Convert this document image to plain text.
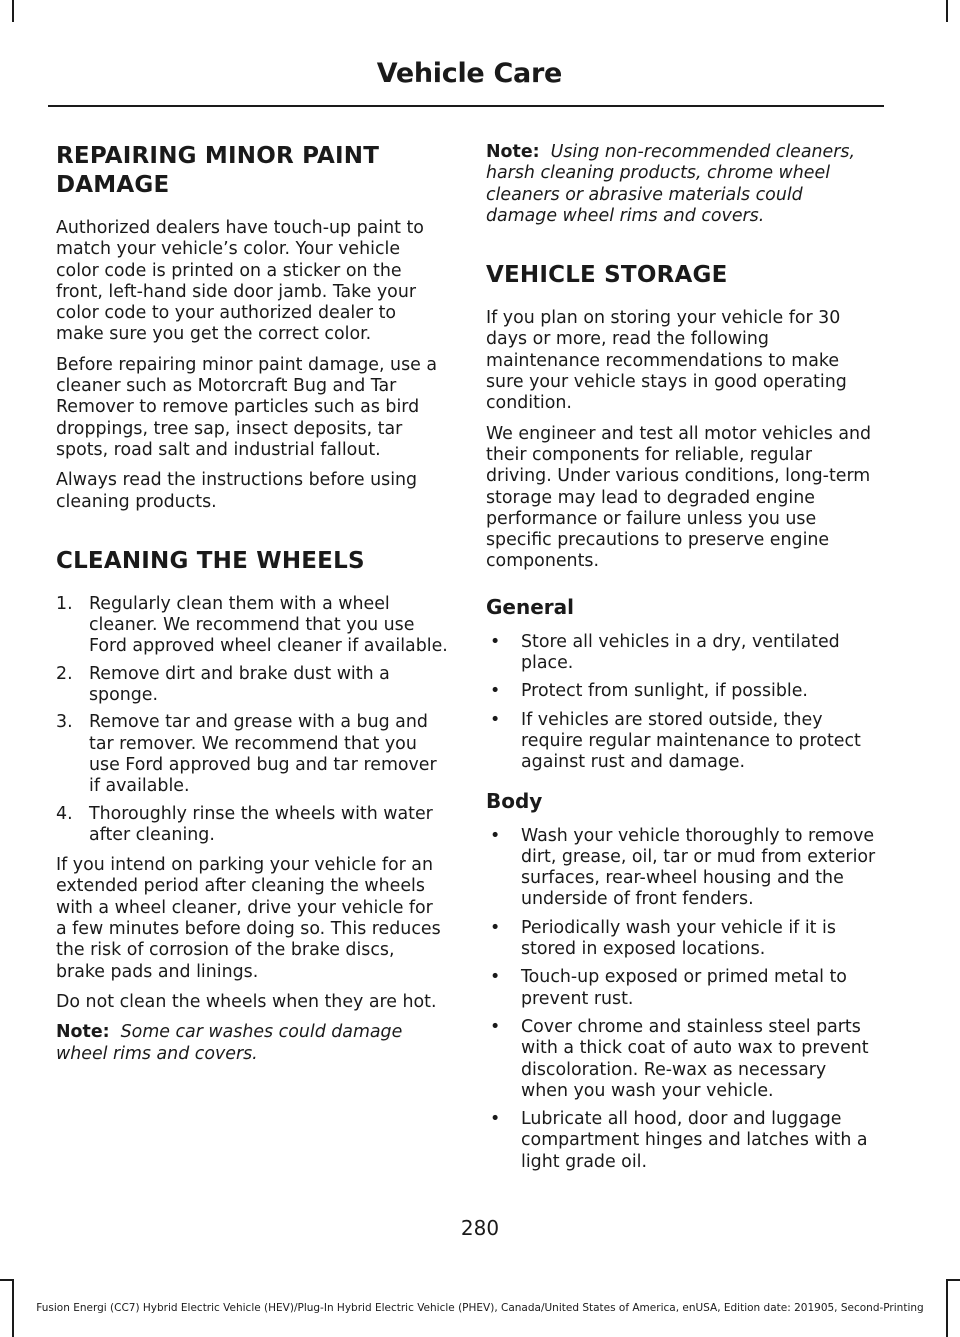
Vehicle Care
REPAIRING MINOR PAINT DAMAGE

Authorized dealers have touch-up paint to match your vehicle’s color. Your vehicle color code is printed on a sticker on the front, left-hand side door jamb. Take your color code to your authorized dealer to make sure you get the correct color.

Before repairing minor paint damage, use a cleaner such as Motorcraft Bug and Tar Remover to remove particles such as bird droppings, tree sap, insect deposits, tar spots, road salt and industrial fallout.

Always read the instructions before using cleaning products.

CLEANING THE WHEELS
1. Regularly clean them with a wheel cleaner. We recommend that you use Ford approved wheel cleaner if available.
2. Remove dirt and brake dust with a sponge.
3. Remove tar and grease with a bug and tar remover. We recommend that you use Ford approved bug and tar remover if available.
4. Thoroughly rinse the wheels with water after cleaning.

If you intend on parking your vehicle for an extended period after cleaning the wheels with a wheel cleaner, drive your vehicle for a few minutes before doing so. This reduces the risk of corrosion of the brake discs, brake pads and linings.

Do not clean the wheels when they are hot.

Note: Some car washes could damage wheel rims and covers.

Note: Using non-recommended cleaners, harsh cleaning products, chrome wheel cleaners or abrasive materials could damage wheel rims and covers.

VEHICLE STORAGE

If you plan on storing your vehicle for 30 days or more, read the following maintenance recommendations to make sure your vehicle stays in good operating condition.

We engineer and test all motor vehicles and their components for reliable, regular driving. Under various conditions, long-term storage may lead to degraded engine performance or failure unless you use specific precautions to preserve engine components.

General
• Store all vehicles in a dry, ventilated place.
• Protect from sunlight, if possible.
• If vehicles are stored outside, they require regular maintenance to protect against rust and damage.
Body
• Wash your vehicle thoroughly to remove dirt, grease, oil, tar or mud from exterior surfaces, rear-wheel housing and the underside of front fenders.
• Periodically wash your vehicle if it is stored in exposed locations.
• Touch-up exposed or primed metal to prevent rust.
• Cover chrome and stainless steel parts with a thick coat of auto wax to prevent discoloration. Re-wax as necessary when you wash your vehicle.
• Lubricate all hood, door and luggage compartment hinges and latches with a light grade oil.
280
Fusion Energi (CC7) Hybrid Electric Vehicle (HEV)/Plug-In Hybrid Electric Vehicle (PHEV), Canada/United States of America, enUSA, Edition date: 201905, Second-Printing
